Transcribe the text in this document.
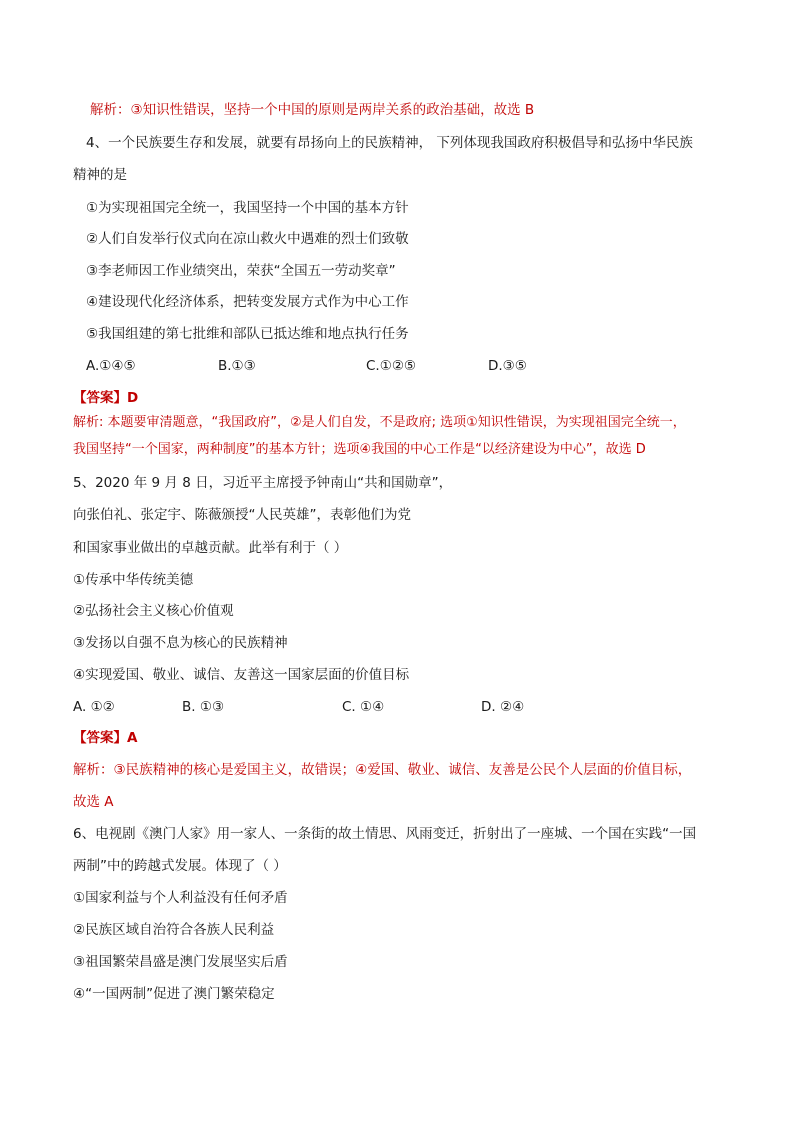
解析：③知识性错误，坚持一个中国的原则是两岸关系的政治基础，故选 B
4、一个民族要生存和发展，就要有昂扬向上的民族精神， 下列体现我国政府积极倡导和弘扬中华民族
精神的是
①为实现祖国完全统一，我国坚持一个中国的基本方针
②人们自发举行仪式向在凉山救火中遇难的烈士们致敬
③李老师因工作业绩突出，荣获“全国五一劳动奖章”
④建设现代化经济体系，把转变发展方式作为中心工作
⑤我国组建的第七批维和部队已抵达维和地点执行任务
A.①④⑤	B.①③	C.①②⑤	D.③⑤
【答案】D
解析: 本题要审清题意，“我国政府”，②是人们自发，不是政府; 选项①知识性错误，为实现祖国完全统一，
我国坚持“一个国家，两种制度”的基本方针；选项④我国的中心工作是“以经济建设为中心”，故选 D
5、2020 年 9 月 8 日，习近平主席授予钟南山“共和国勋章”，
向张伯礼、张定宇、陈薇颁授“人民英雄”，表彰他们为党
和国家事业做出的卓越贡献。此举有利于（ ）
①传承中华传统美德
②弘扬社会主义核心价值观
③发扬以自强不息为核心的民族精神
④实现爱国、敬业、诚信、友善这一国家层面的价值目标
A. ①②	B. ①③	C. ①④	D. ②④
【答案】A
解析：③民族精神的核心是爱国主义，故错误；④爱国、敬业、诚信、友善是公民个人层面的价值目标，
故选 A
6、电视剧《澳门人家》用一家人、一条街的故土情思、风雨变迁，折射出了一座城、一个国在实践“一国
两制”中的跨越式发展。体现了（ ）
①国家利益与个人利益没有任何矛盾
②民族区域自治符合各族人民利益
③祖国繁荣昌盛是澳门发展坚实后盾
④“一国两制”促进了澳门繁荣稳定
